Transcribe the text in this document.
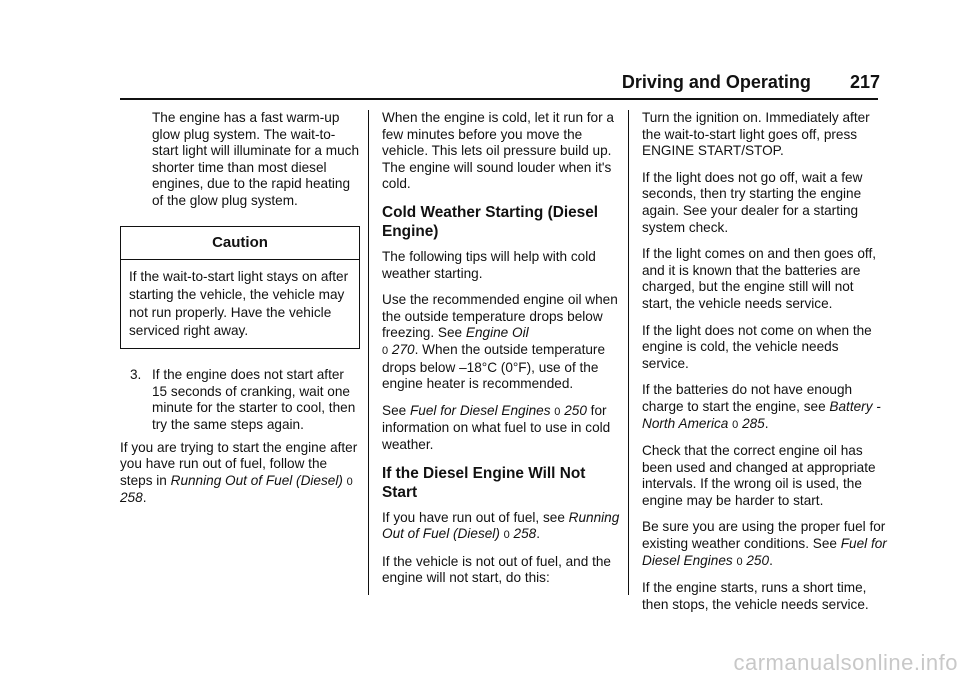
Driving and Operating 217

The engine has a fast warm-up glow plug system. The wait-to-start light will illuminate for a much shorter time than most diesel engines, due to the rapid heating of the glow plug system.

Caution
If the wait-to-start light stays on after starting the vehicle, the vehicle may not run properly. Have the vehicle serviced right away.
3. If the engine does not start after 15 seconds of cranking, wait one minute for the starter to cool, then try the same steps again.

If you are trying to start the engine after you have run out of fuel, follow the steps in Running Out of Fuel (Diesel) 0 258.

When the engine is cold, let it run for a few minutes before you move the vehicle. This lets oil pressure build up. The engine will sound louder when it's cold.

Cold Weather Starting (Diesel Engine)

The following tips will help with cold weather starting.

Use the recommended engine oil when the outside temperature drops below freezing. See Engine Oil
0 270. When the outside temperature drops below –18°C (0°F), use of the engine heater is recommended.

See Fuel for Diesel Engines 0 250 for information on what fuel to use in cold weather.

If the Diesel Engine Will Not Start

If you have run out of fuel, see Running Out of Fuel (Diesel) 0 258.

If the vehicle is not out of fuel, and the engine will not start, do this:

Turn the ignition on. Immediately after the wait-to-start light goes off, press ENGINE START/STOP.

If the light does not go off, wait a few seconds, then try starting the engine again. See your dealer for a starting system check.

If the light comes on and then goes off, and it is known that the batteries are charged, but the engine still will not start, the vehicle needs service.

If the light does not come on when the engine is cold, the vehicle needs service.

If the batteries do not have enough charge to start the engine, see Battery - North America 0 285.

Check that the correct engine oil has been used and changed at appropriate intervals. If the wrong oil is used, the engine may be harder to start.

Be sure you are using the proper fuel for existing weather conditions. See Fuel for Diesel Engines 0 250.

If the engine starts, runs a short time, then stops, the vehicle needs service.

carmanualsonline.info
